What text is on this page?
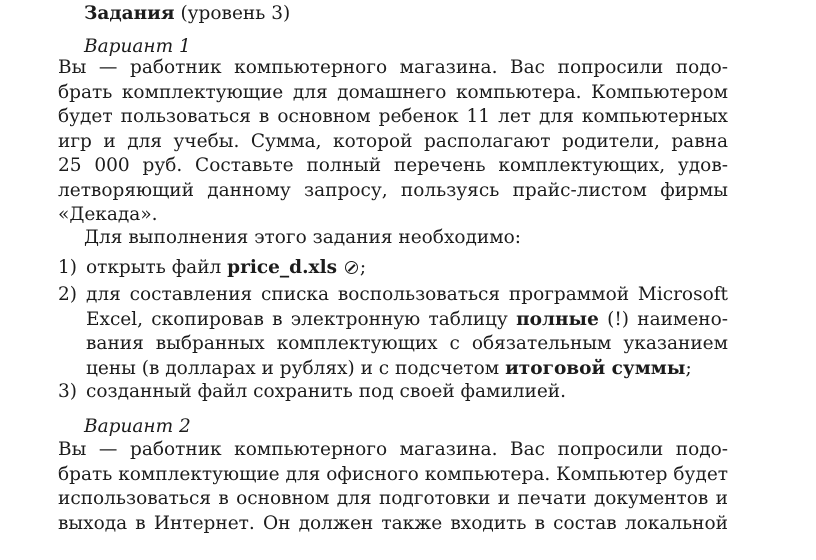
Задания (уровень 3)
Вариант 1
Вы — работник компьютерного магазина. Вас попросили подо-
брать комплектующие для домашнего компьютера. Компьютером
будет пользоваться в основном ребенок 11 лет для компьютерных
игр и для учебы. Сумма, которой располагают родители, равна
25 000 руб. Составьте полный перечень комплектующих, удов-
летворяющий данному запросу, пользуясь прайс-листом фирмы
«Декада».
Для выполнения этого задания необходимо:
1) открыть файл price_d.xls ;
2) для составления списка воспользоваться программой Microsoft
Excel, скопировав в электронную таблицу полные (!) наимено-
вания выбранных комплектующих с обязательным указанием
цены (в долларах и рублях) и с подсчетом итоговой суммы;
3) созданный файл сохранить под своей фамилией.
Вариант 2
Вы — работник компьютерного магазина. Вас попросили подо-
брать комплектующие для офисного компьютера. Компьютер будет
использоваться в основном для подготовки и печати документов и
выхода в Интернет. Он должен также входить в состав локальной
